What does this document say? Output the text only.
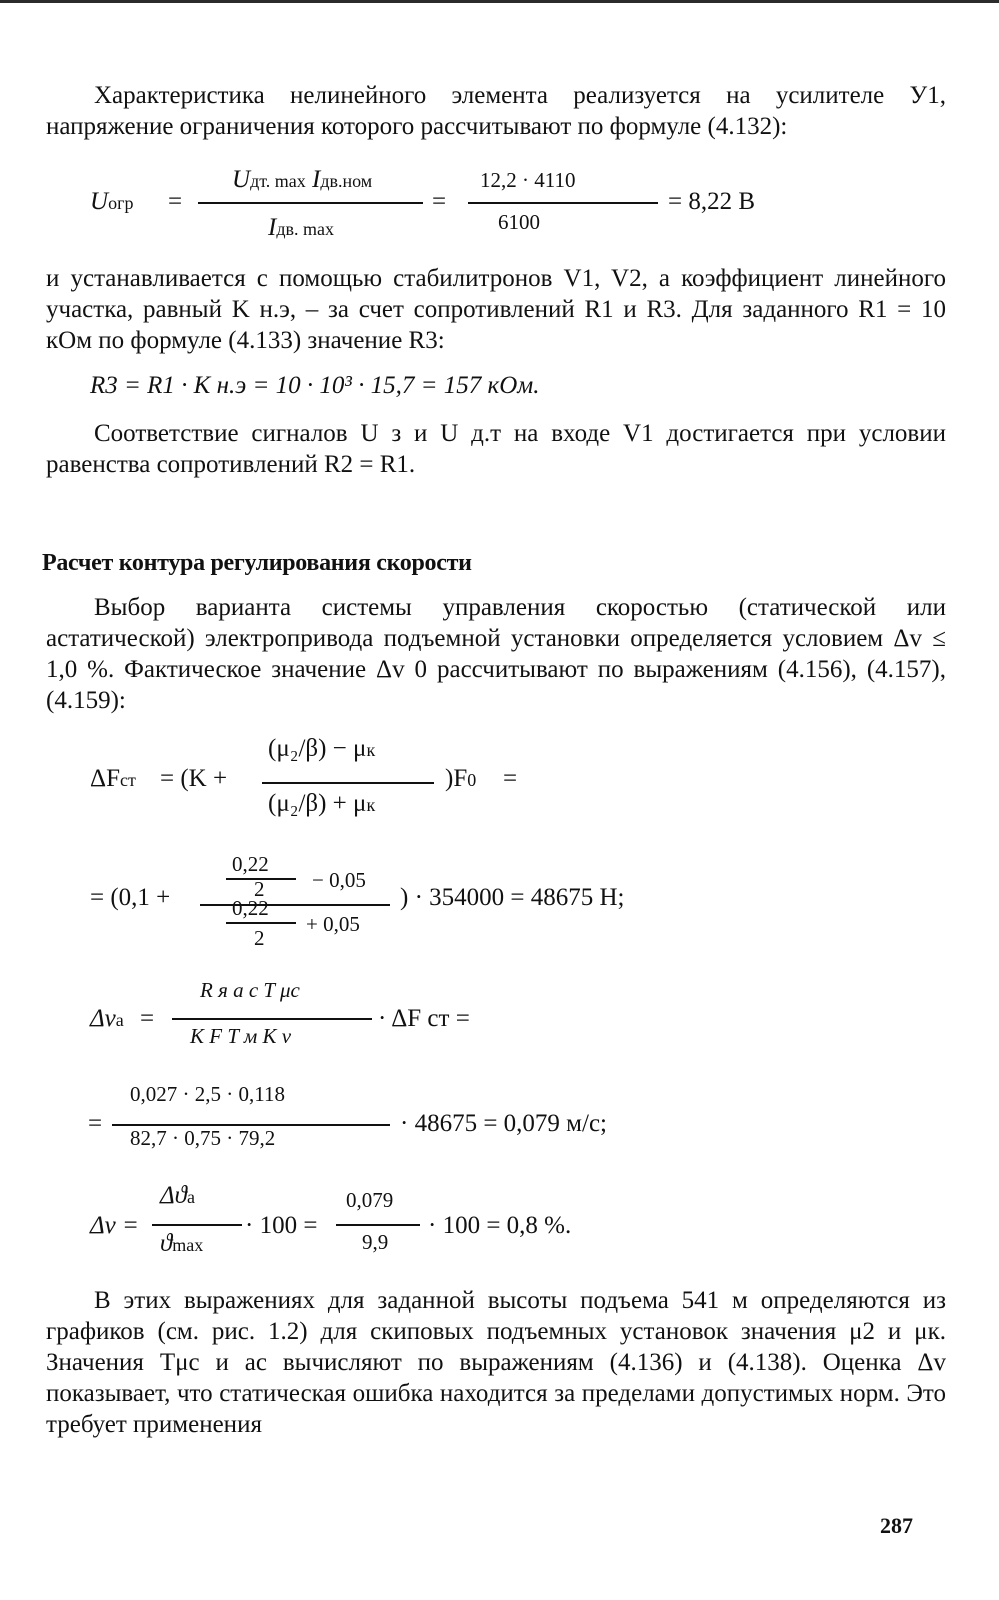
Характеристика нелинейного элемента реализуется на усилителе У1, напряжение ограничения которого рассчитывают по формуле (4.132):

Uогр =
Uдт. max Iдв.ном
Iдв. max
=
12,2 · 4110
6100
= 8,22 В

и устанавливается с помощью стабилитронов V1, V2, а коэффициент линейного участка, равный K н.э, – за счет сопротивлений R1 и R3. Для заданного R1 = 10 кОм по формуле (4.133) значение R3:

R3 = R1 · K н.э = 10 · 10³ · 15,7 = 157 кОм.

Соответствие сигналов U з и U д.т на входе V1 достигается при условии равенства сопротивлений R2 = R1.

Расчет контура регулирования скорости

Выбор варианта системы управления скоростью (статической или астатической) электропривода подъемной установки определяется условием Δv ≤ 1,0 %. Фактическое значение Δv 0 рассчитывают по выражениям (4.156), (4.157), (4.159):

ΔFст = (K +
(μ₂/β) − μк
(μ₂/β) + μк
)F0 =
= (0,1 +
0,22
2 − 0,05
0,22
2
+ 0,05
) · 354000 = 48675 Н;
Δvа =
R я a с T μс
K F T м K v
· ΔF ст =
=
0,027 · 2,5 · 0,118
82,7 · 0,75 · 79,2
· 48675 = 0,079 м/с;
Δv =
Δϑа
ϑmax
· 100 =
0,079
9,9
· 100 = 0,8 %.

В этих выражениях для заданной высоты подъема 541 м определяются из графиков (см. рис. 1.2) для скиповых подъемных установок значения μ2 и μк. Значения Tμс и aс вычисляют по выражениям (4.136) и (4.138). Оценка Δv показывает, что статическая ошибка находится за пределами допустимых норм. Это требует применения

287
